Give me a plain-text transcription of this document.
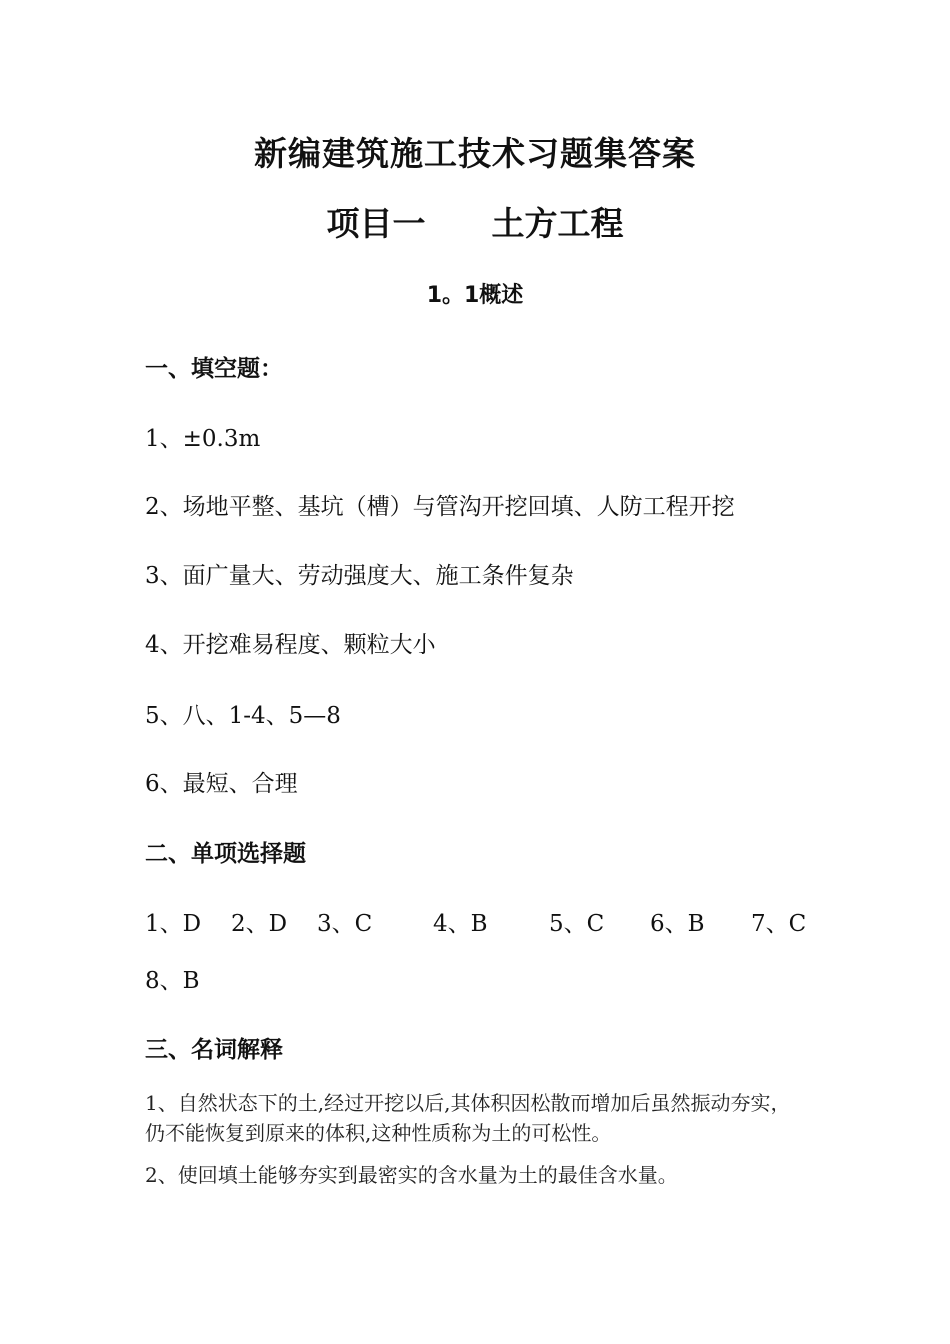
新编建筑施工技术习题集答案
项目一 土方工程
1。1概述
一、填空题：
1、±0.3m
2、场地平整、基坑（槽）与管沟开挖回填、人防工程开挖
3、面广量大、劳动强度大、施工条件复杂
4、开挖难易程度、颗粒大小
5、八、1-4、5—8
6、最短、合理
二、单项选择题
1、D 2、D 3、C	4、B	5、C 6、B 7、C
8、B
三、名词解释
1、自然状态下的土,经过开挖以后,其体积因松散而增加后虽然振动夯实，仍不能恢复到原来的体积,这种性质称为土的可松性。
2、使回填土能够夯实到最密实的含水量为土的最佳含水量。
